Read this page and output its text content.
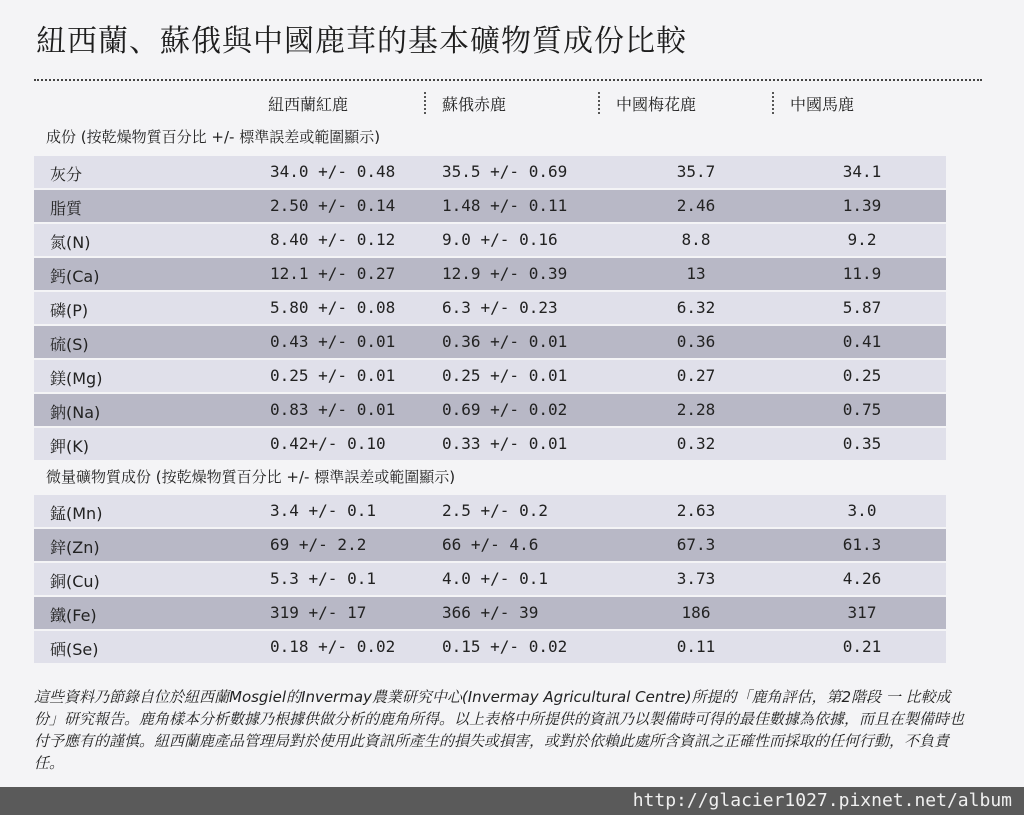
紐西蘭、蘇俄與中國鹿茸的基本礦物質成份比較
紐西蘭紅鹿	蘇俄赤鹿	中國梅花鹿	中國馬鹿
成份 (按乾燥物質百分比 +/- 標準誤差或範圍顯示)
灰分	34.0 +/- 0.48	35.5 +/- 0.69	35.7	34.1
脂質	2.50 +/- 0.14	1.48 +/- 0.11	2.46	1.39
氮(N)	8.40 +/- 0.12	9.0 +/- 0.16	8.8	9.2
鈣(Ca)	12.1 +/- 0.27	12.9 +/- 0.39	13	11.9
磷(P)	5.80 +/- 0.08	6.3 +/- 0.23	6.32	5.87
硫(S)	0.43 +/- 0.01	0.36 +/- 0.01	0.36	0.41
鎂(Mg)	0.25 +/- 0.01	0.25 +/- 0.01	0.27	0.25
鈉(Na)	0.83 +/- 0.01	0.69 +/- 0.02	2.28	0.75
鉀(K)	0.42+/- 0.10	0.33 +/- 0.01	0.32	0.35
微量礦物質成份 (按乾燥物質百分比 +/- 標準誤差或範圍顯示)
錳(Mn)	3.4 +/- 0.1	2.5 +/- 0.2	2.63	3.0
鋅(Zn)	69 +/- 2.2	66 +/- 4.6	67.3	61.3
銅(Cu)	5.3 +/- 0.1	4.0 +/- 0.1	3.73	4.26
鐵(Fe)	319 +/- 17	366 +/- 39	186	317
硒(Se)	0.18 +/- 0.02	0.15 +/- 0.02	0.11	0.21
這些資料乃節錄自位於紐西蘭Mosgiel的Invermay農業研究中心(Invermay Agricultural Centre)所提的「鹿角評估，第2階段 一 比較成份」研究報告。鹿角樣本分析數據乃根據供做分析的鹿角所得。以上表格中所提供的資訊乃以製備時可得的最佳數據為依據，而且在製備時也付予應有的謹慎。紐西蘭鹿產品管理局對於使用此資訊所產生的損失或損害，或對於依賴此處所含資訊之正確性而採取的任何行動，不負責任。
http://glacier1027.pixnet.net/album
